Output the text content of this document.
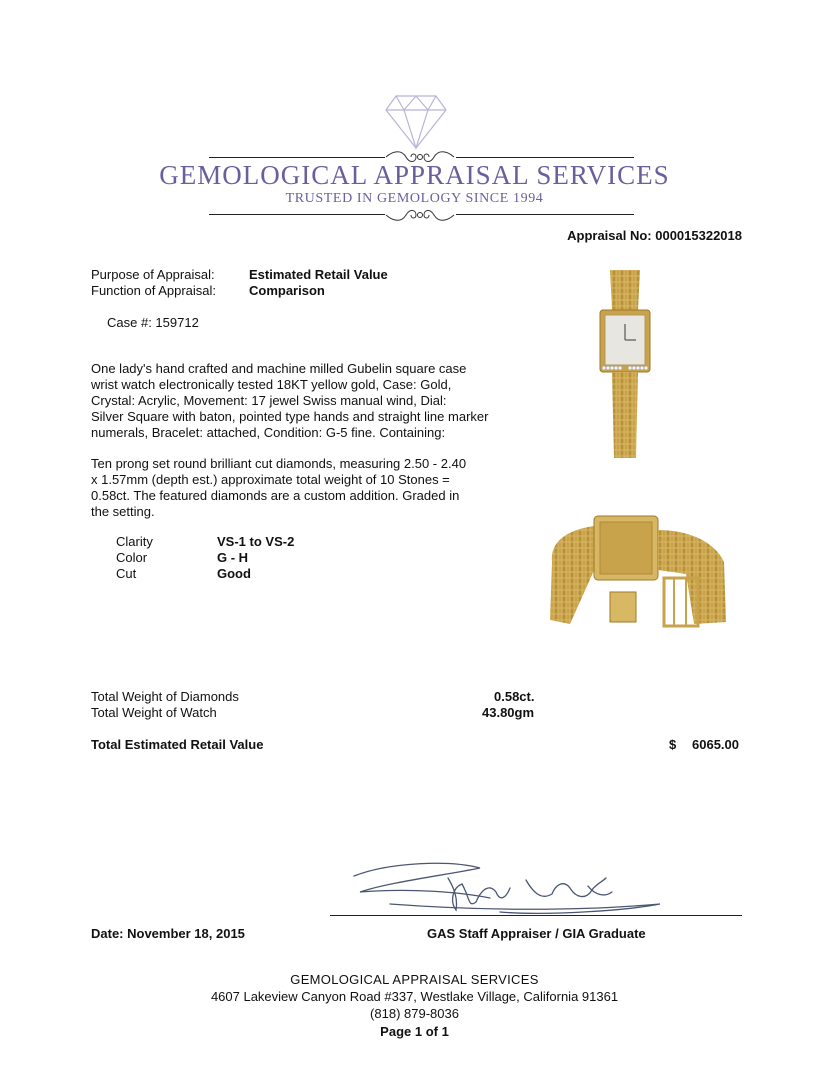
GEMOLOGICAL APPRAISAL SERVICES
TRUSTED IN GEMOLOGY SINCE 1994
Appraisal No: 000015322018
Purpose of Appraisal:	Estimated Retail Value
Function of Appraisal:	Comparison
Case #: 159712
One lady's hand crafted and machine milled Gubelin square case
wrist watch electronically tested 18KT yellow gold, Case: Gold,
Crystal: Acrylic, Movement: 17 jewel Swiss manual wind, Dial:
Silver Square with baton, pointed type hands and straight line marker
numerals, Bracelet: attached, Condition: G-5 fine. Containing:
Ten prong set round brilliant cut diamonds, measuring 2.50 - 2.40
x 1.57mm (depth est.) approximate total weight of 10 Stones =
0.58ct. The featured diamonds are a custom addition. Graded in
the setting.
Clarity	VS-1 to VS-2
Color	G - H
Cut	Good
Total Weight of Diamonds	0.58ct.
Total Weight of Watch	43.80gm
Total Estimated Retail Value	$ 6065.00
Date: November 18, 2015	GAS Staff Appraiser / GIA Graduate
GEMOLOGICAL APPRAISAL SERVICES
4607 Lakeview Canyon Road #337, Westlake Village, California 91361
(818) 879-8036
Page 1 of 1
